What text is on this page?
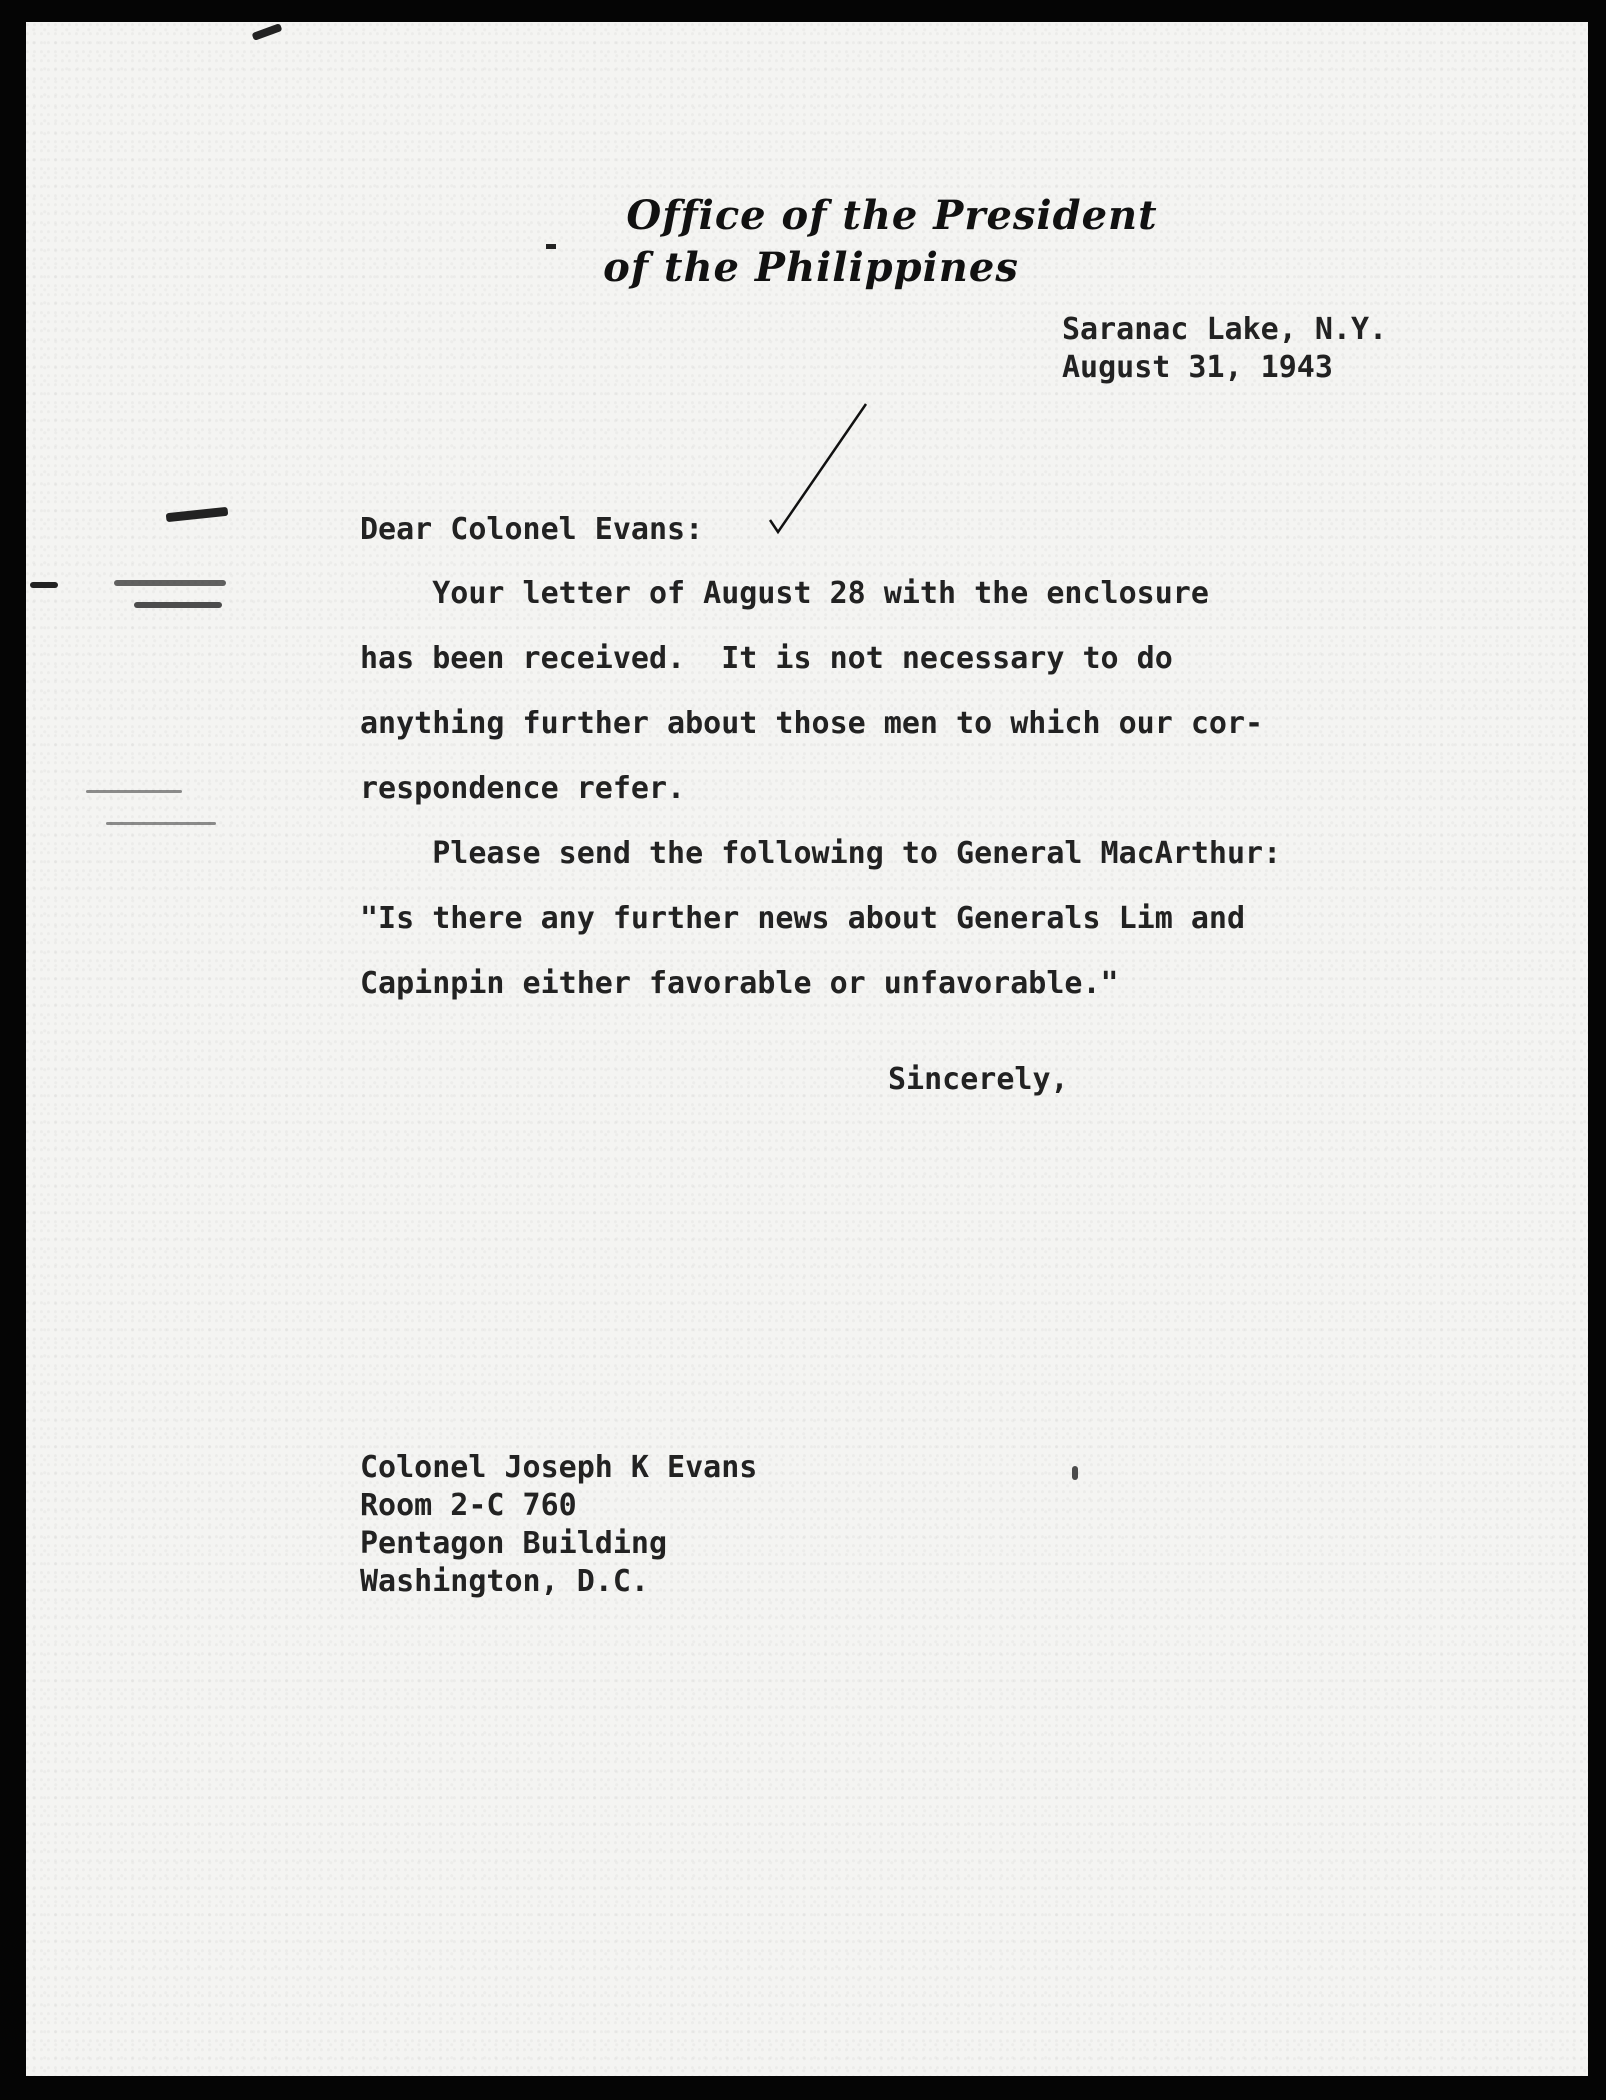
Office of the President
of the Philippines
Saranac Lake, N.Y.
August 31, 1943
Dear Colonel Evans:
Your letter of August 28 with the enclosure
has been received.  It is not necessary to do
anything further about those men to which our cor-
respondence refer.
Please send the following to General MacArthur:
"Is there any further news about Generals Lim and
Capinpin either favorable or unfavorable."
Sincerely,
Colonel Joseph K Evans
Room 2-C 760
Pentagon Building
Washington, D.C.
